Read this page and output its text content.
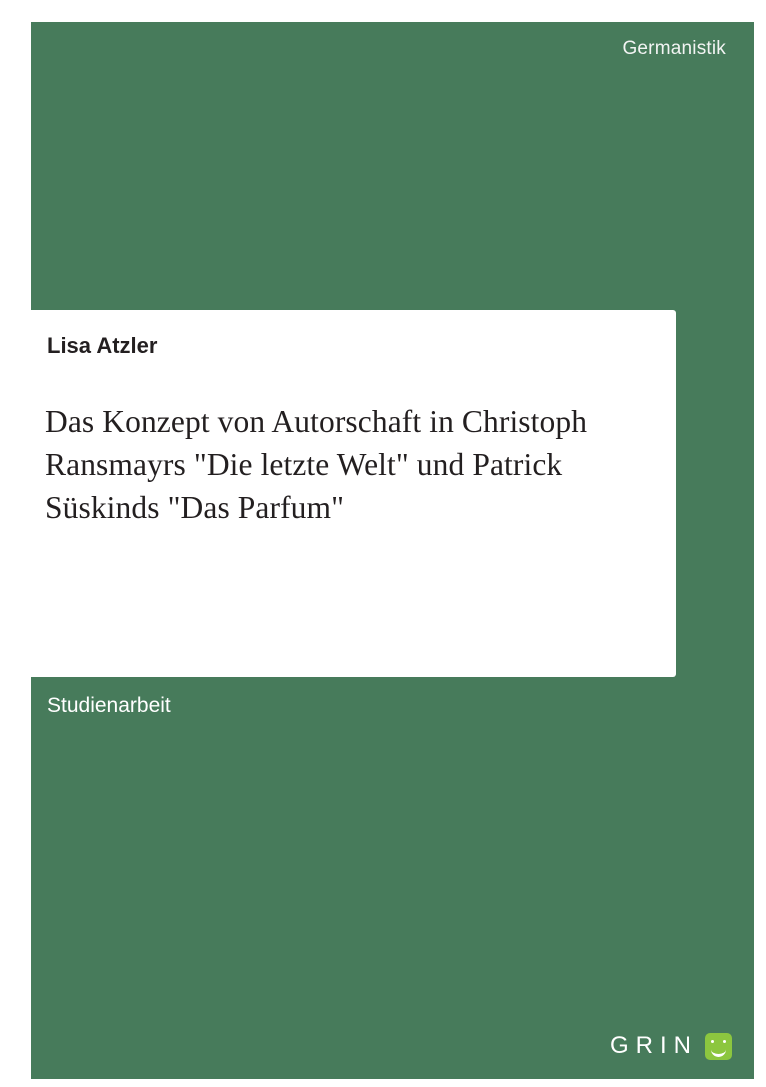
Germanistik
Lisa Atzler
Das Konzept von Autorschaft in Christoph Ransmayrs "Die letzte Welt" und Patrick Süskinds "Das Parfum"
Studienarbeit
GRIN
